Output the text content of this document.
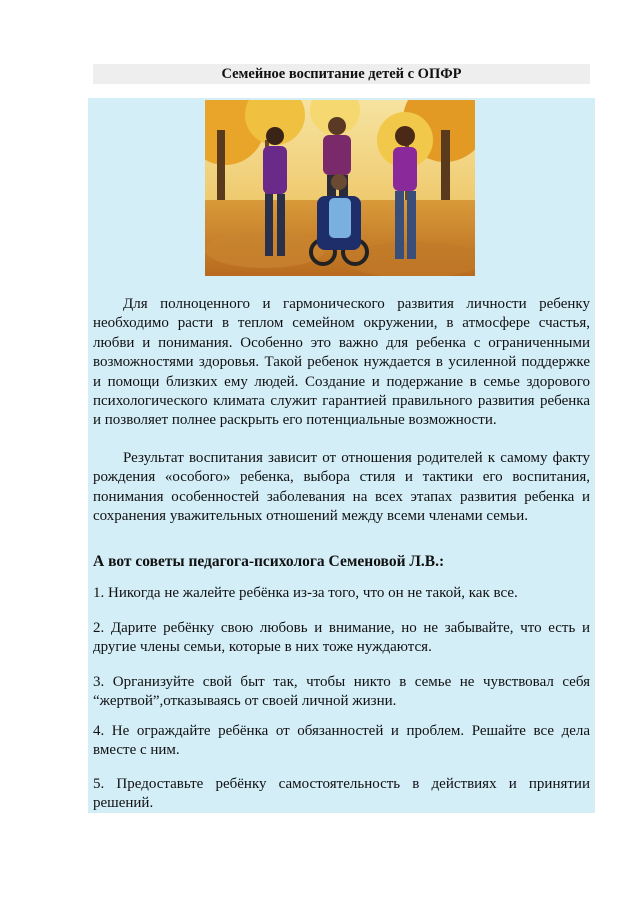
Семейное воспитание детей с ОПФР

Для полноценного и гармонического развития личности ребенку необходимо расти в теплом семейном окружении, в атмосфере счастья, любви и понимания. Особенно это важно для ребенка с ограниченными возможностями здоровья. Такой ребенок нуждается в усиленной поддержке и помощи близких ему людей. Создание и подержание в семье здорового психологического климата служит гарантией правильного развития ребенка и позволяет полнее раскрыть его потенциальные возможности.

Результат воспитания зависит от отношения родителей к самому факту рождения «особого» ребенка, выбора стиля и тактики его воспитания, понимания особенностей заболевания на всех этапах развития ребенка и сохранения уважительных отношений между всеми членами семьи.

А вот советы педагога-психолога Семеновой Л.В.:

1. Никогда не жалейте ребёнка из-за того, что он не такой, как все.

2. Дарите ребёнку свою любовь и внимание, но не забывайте, что есть и другие члены семьи, которые в них тоже нуждаются.

3. Организуйте свой быт так, чтобы никто в семье не чувствовал себя “жертвой”,отказываясь от своей личной жизни.

4. Не ограждайте ребёнка от обязанностей и проблем. Решайте все дела вместе с ним.

5. Предоставьте ребёнку самостоятельность в действиях и принятии решений.
